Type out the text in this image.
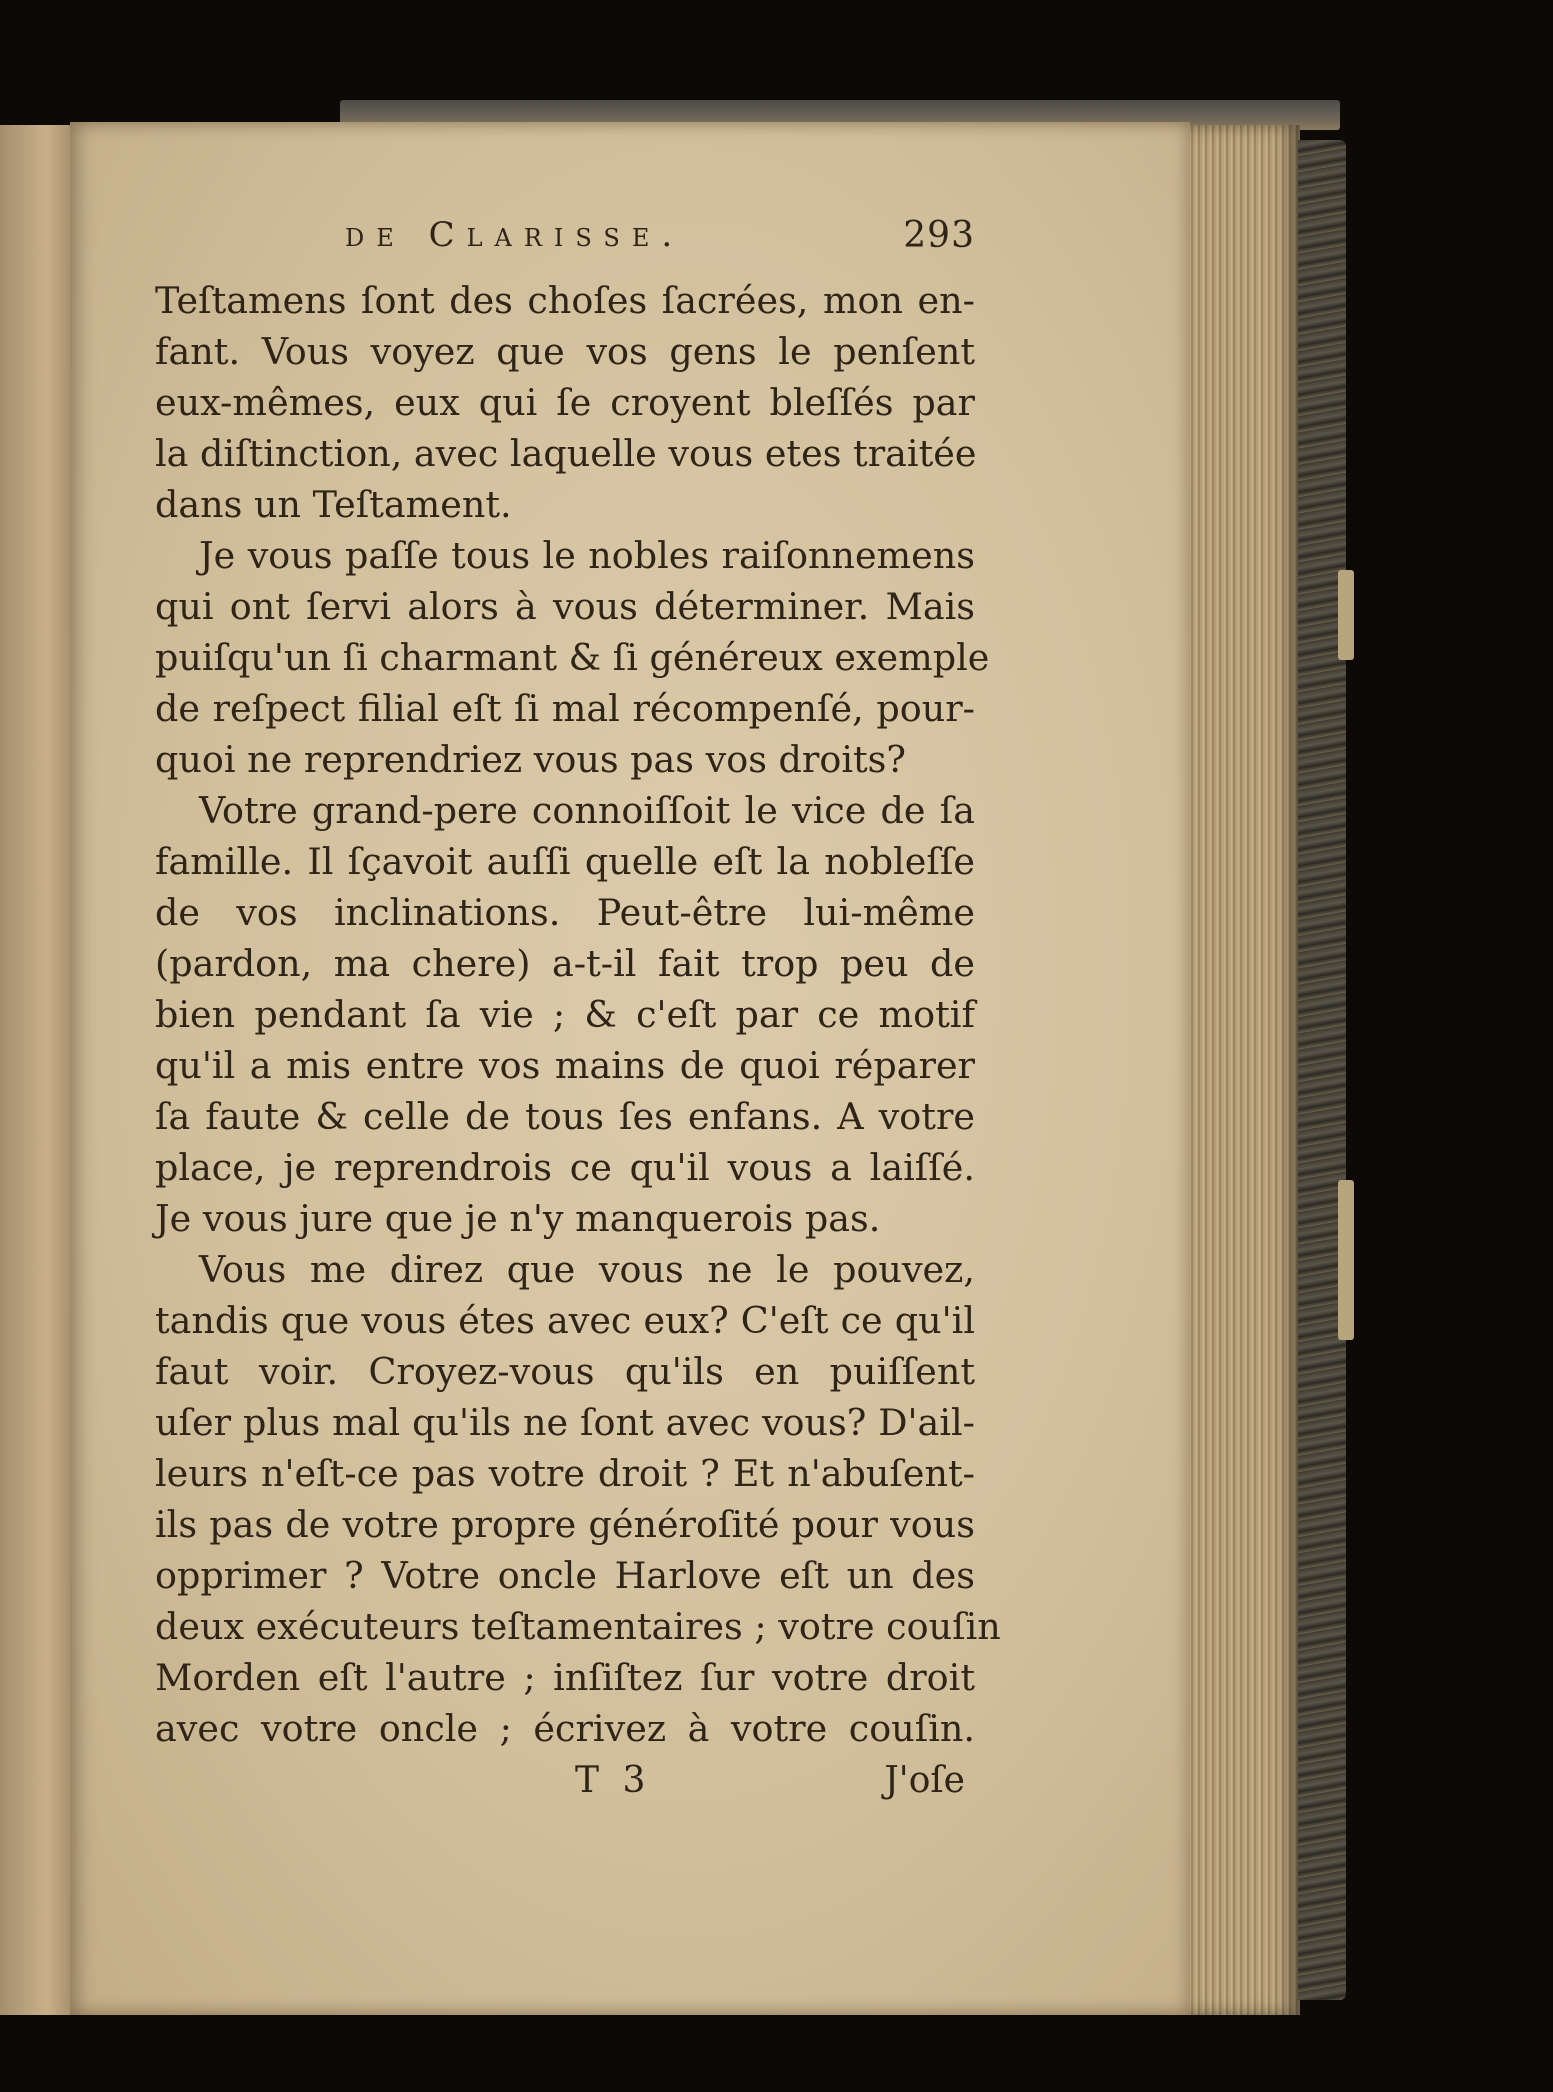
de Clarisse.	293
Teſtamens ſont des choſes ſacrées, mon en-
fant. Vous voyez que vos gens le penſent
eux-mêmes, eux qui ſe croyent bleſſés par
la diſtinction, avec laquelle vous etes traitée
dans un Teſtament.
Je vous paſſe tous le nobles raiſonnemens
qui ont ſervi alors à vous déterminer. Mais
puiſqu'un ſi charmant & ſi généreux exemple
de reſpect filial eſt ſi mal récompenſé, pour-
quoi ne reprendriez vous pas vos droits?
Votre grand-pere connoiſſoit le vice de ſa
famille. Il ſçavoit auſſi quelle eſt la nobleſſe
de vos inclinations. Peut-être lui-même
(pardon, ma chere) a-t-il fait trop peu de
bien pendant ſa vie ; & c'eſt par ce motif
qu'il a mis entre vos mains de quoi réparer
ſa faute & celle de tous ſes enfans. A votre
place, je reprendrois ce qu'il vous a laiſſé.
Je vous jure que je n'y manquerois pas.
Vous me direz que vous ne le pouvez,
tandis que vous étes avec eux? C'eſt ce qu'il
faut voir. Croyez-vous qu'ils en puiſſent
uſer plus mal qu'ils ne ſont avec vous? D'ail-
leurs n'eſt-ce pas votre droit ? Et n'abuſent-
ils pas de votre propre généroſité pour vous
opprimer ? Votre oncle Harlove eſt un des
deux exécuteurs teſtamentaires ; votre couſin
Morden eſt l'autre ; inſiſtez ſur votre droit
avec votre oncle ; écrivez à votre couſin.
T 3	J'oſe
